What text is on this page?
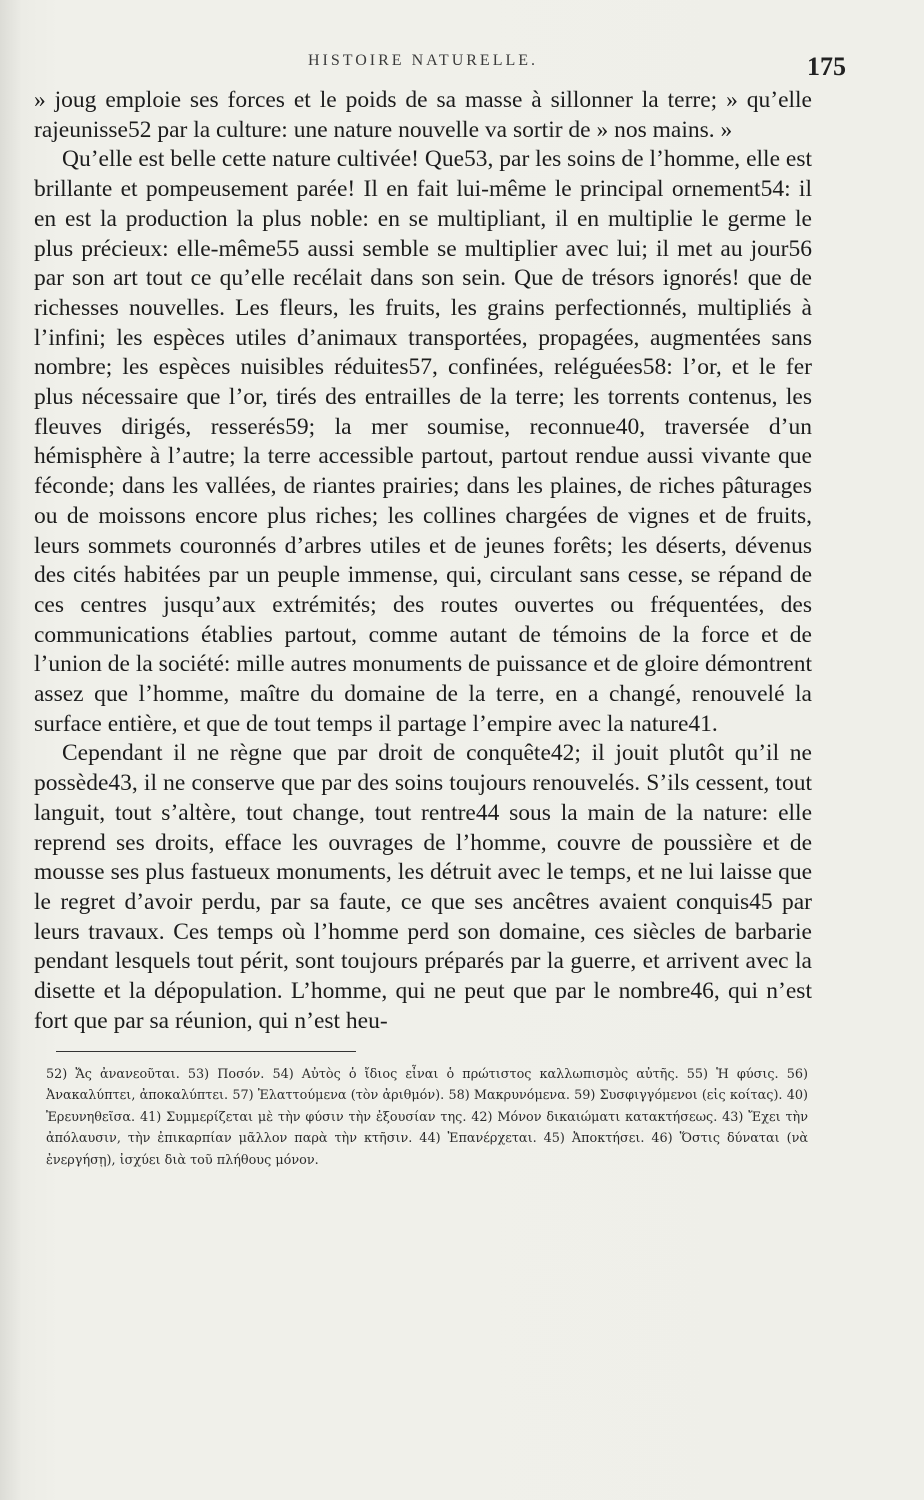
HISTOIRE NATURELLE.	175

» joug emploie ses forces et le poids de sa masse à sillonner la terre; » qu’elle rajeunisse52 par la culture: une nature nouvelle va sortir de » nos mains. »

Qu’elle est belle cette nature cultivée! Que53, par les soins de l’homme, elle est brillante et pompeusement parée! Il en fait lui-même le principal ornement54: il en est la production la plus noble: en se multipliant, il en multiplie le germe le plus précieux: elle-même55 aussi semble se multiplier avec lui; il met au jour56 par son art tout ce qu’elle recélait dans son sein. Que de trésors ignorés! que de richesses nouvelles. Les fleurs, les fruits, les grains perfectionnés, multipliés à l’infini; les espèces utiles d’animaux transportées, propagées, augmentées sans nombre; les espèces nuisibles réduites57, confinées, reléguées58: l’or, et le fer plus nécessaire que l’or, tirés des entrailles de la terre; les torrents contenus, les fleuves dirigés, resserés59; la mer soumise, reconnue40, traversée d’un hémisphère à l’autre; la terre accessible partout, partout rendue aussi vivante que féconde; dans les vallées, de riantes prairies; dans les plaines, de riches pâturages ou de moissons encore plus riches; les collines chargées de vignes et de fruits, leurs sommets couronnés d’arbres utiles et de jeunes forêts; les déserts, dévenus des cités habitées par un peuple immense, qui, circulant sans cesse, se répand de ces centres jusqu’aux extrémités; des routes ouvertes ou fréquentées, des communications établies partout, comme autant de témoins de la force et de l’union de la société: mille autres monuments de puissance et de gloire démontrent assez que l’homme, maître du domaine de la terre, en a changé, renouvelé la surface entière, et que de tout temps il partage l’empire avec la nature41.

Cependant il ne règne que par droit de conquête42; il jouit plutôt qu’il ne possède43, il ne conserve que par des soins toujours renouvelés. S’ils cessent, tout languit, tout s’altère, tout change, tout rentre44 sous la main de la nature: elle reprend ses droits, efface les ouvrages de l’homme, couvre de poussière et de mousse ses plus fastueux monuments, les détruit avec le temps, et ne lui laisse que le regret d’avoir perdu, par sa faute, ce que ses ancêtres avaient conquis45 par leurs travaux. Ces temps où l’homme perd son domaine, ces siècles de barbarie pendant lesquels tout périt, sont toujours préparés par la guerre, et arrivent avec la disette et la dépopulation. L’homme, qui ne peut que par le nombre46, qui n’est fort que par sa réunion, qui n’est heu-

52) Ἄς ἀνανεοῦται. 53) Ποσόν. 54) Αὐτὸς ὁ ἴδιος εἶναι ὁ πρώτιστος καλλωπισμὸς αὐτῆς. 55) Ἡ φύσις. 56) Ἀνακαλύπτει, ἀποκαλύπτει. 57) Ἐλαττούμενα (τὸν ἀριθμόν). 58) Μακρυνόμενα. 59) Συσφιγγόμενοι (εἰς κοίτας). 40) Ἐρευνηθεῖσα. 41) Συμμερίζεται μὲ τὴν φύσιν τὴν ἐξουσίαν της. 42) Μόνον δικαιώματι κατακτήσεως. 43) Ἔχει τὴν ἀπόλαυσιν, τὴν ἐπικαρπίαν μᾶλλον παρὰ τὴν κτῆσιν. 44) Ἐπανέρχεται. 45) Ἀποκτήσει. 46) Ὅστις δύναται (νὰ ἐνεργήσῃ), ἰσχύει διὰ τοῦ πλήθους μόνον.
